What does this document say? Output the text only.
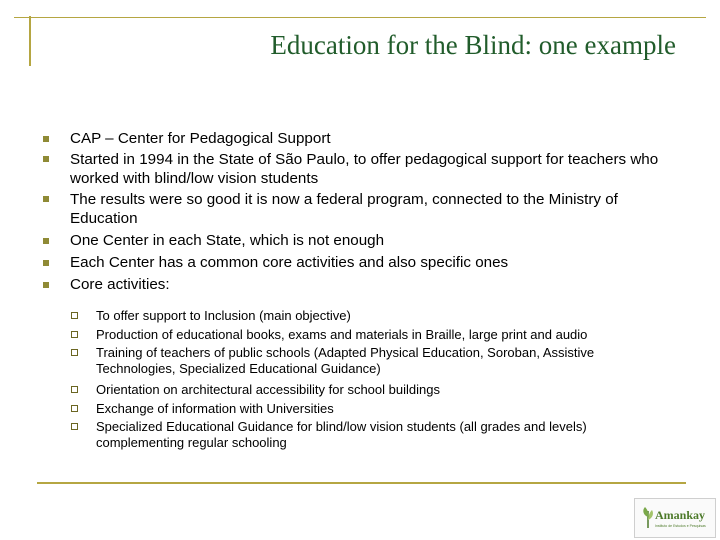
Education for the Blind: one example
CAP – Center for Pedagogical Support
Started in 1994 in the State of São Paulo, to offer pedagogical support for teachers who worked with blind/low vision students
The results were so good it is now a federal program, connected to the Ministry of Education
One Center in each State, which is not enough
Each Center has a common core activities and also specific ones
Core activities:
To offer support to Inclusion (main objective)
Production of educational books, exams and materials in Braille, large print and audio
Training of teachers of public schools (Adapted Physical Education, Soroban, Assistive Technologies, Specialized Educational Guidance)
Orientation on architectural accessibility for school buildings
Exchange of information with Universities
Specialized Educational Guidance for blind/low vision students (all grades and levels) complementing regular schooling
Amankay
Instituto de Estudos e Pesquisas
